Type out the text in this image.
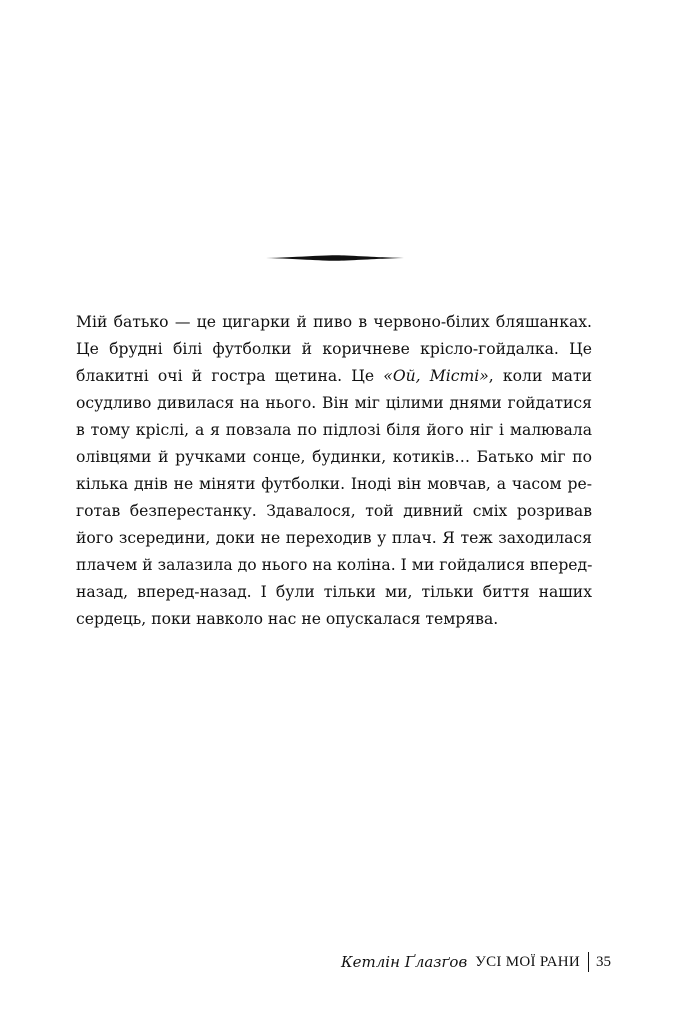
Мій батько — це цигарки й пиво в червоно-білих бляшанках.
Це брудні білі футболки й коричневе крісло-гойдалка. Це
блакитні очі й гостра щетина. Це «Ой, Місті», коли мати
осудливо дивилася на нього. Він міг цілими днями гойдатися
в тому кріслі, а я повзала по підлозі біля його ніг і малювала
олівцями й ручками сонце, будинки, котиків… Батько міг по
кілька днів не міняти футболки. Іноді він мовчав, а часом ре-
готав безперестанку. Здавалося, той дивний сміх розривав
його зсередини, доки не переходив у плач. Я теж заходилася
плачем й залазила до нього на коліна. І ми гойдалися вперед-
назад, вперед-назад. І були тільки ми, тільки биття наших
сердець, поки навколо нас не опускалася темрява.
Кетлін Ґлазґов УСІ МОЇ РАНИ 35
